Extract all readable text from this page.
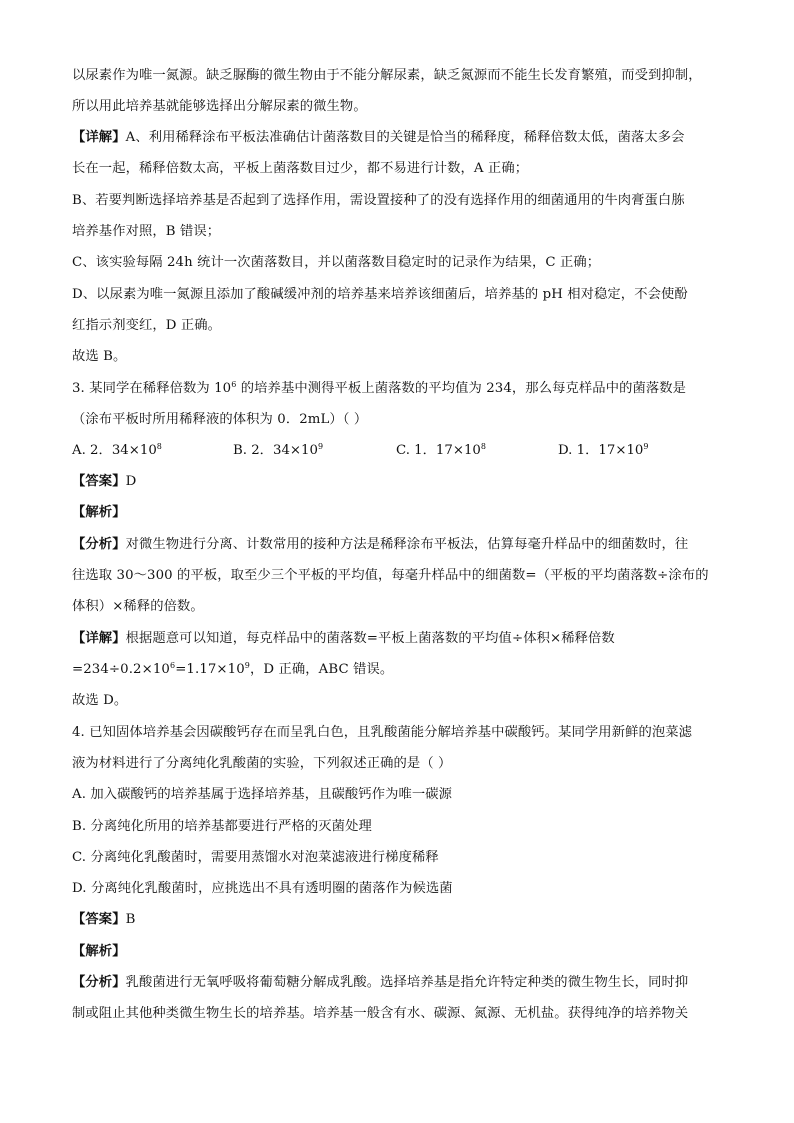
以尿素作为唯一氮源。缺乏脲酶的微生物由于不能分解尿素，缺乏氮源而不能生长发育繁殖，而受到抑制，
所以用此培养基就能够选择出分解尿素的微生物。
【详解】A、利用稀释涂布平板法准确估计菌落数目的关键是恰当的稀释度，稀释倍数太低，菌落太多会
长在一起，稀释倍数太高，平板上菌落数目过少，都不易进行计数，A 正确；
B、若要判断选择培养基是否起到了选择作用，需设置接种了的没有选择作用的细菌通用的牛肉膏蛋白胨
培养基作对照，B 错误；
C、该实验每隔 24h 统计一次菌落数目，并以菌落数目稳定时的记录作为结果，C 正确；
D、以尿素为唯一氮源且添加了酸碱缓冲剂的培养基来培养该细菌后，培养基的 pH 相对稳定，不会使酚
红指示剂变红，D 正确。
故选 B。
3. 某同学在稀释倍数为 $10^6$ 的培养基中测得平板上菌落数的平均值为 234，那么每克样品中的菌落数是
（涂布平板时所用稀释液的体积为 0．2mL）（ ）
A. 2．$34\times 10^8$	B. 2．$34\times 10^9$	C. 1．$17\times 10^8$	D. 1．$17\times 10^9$
【答案】D
【解析】
【分析】对微生物进行分离、计数常用的接种方法是稀释涂布平板法，估算每毫升样品中的细菌数时，往
往选取 30～300 的平板，取至少三个平板的平均值，每毫升样品中的细菌数=（平板的平均菌落数÷涂布的
体积）×稀释的倍数。
【详解】根据题意可以知道，每克样品中的菌落数=平板上菌落数的平均值÷体积×稀释倍数
$=234\div 0.2\times 10^6=1.17\times 10^9$，D 正确，ABC 错误。
故选 D。
4. 已知固体培养基会因碳酸钙存在而呈乳白色，且乳酸菌能分解培养基中碳酸钙。某同学用新鲜的泡菜滤
液为材料进行了分离纯化乳酸菌的实验，下列叙述正确的是（ ）
A. 加入碳酸钙的培养基属于选择培养基，且碳酸钙作为唯一碳源
B. 分离纯化所用的培养基都要进行严格的灭菌处理
C. 分离纯化乳酸菌时，需要用蒸馏水对泡菜滤液进行梯度稀释
D. 分离纯化乳酸菌时，应挑选出不具有透明圈的菌落作为候选菌
【答案】B
【解析】
【分析】乳酸菌进行无氧呼吸将葡萄糖分解成乳酸。选择培养基是指允许特定种类的微生物生长，同时抑
制或阻止其他种类微生物生长的培养基。培养基一般含有水、碳源、氮源、无机盐。获得纯净的培养物关
